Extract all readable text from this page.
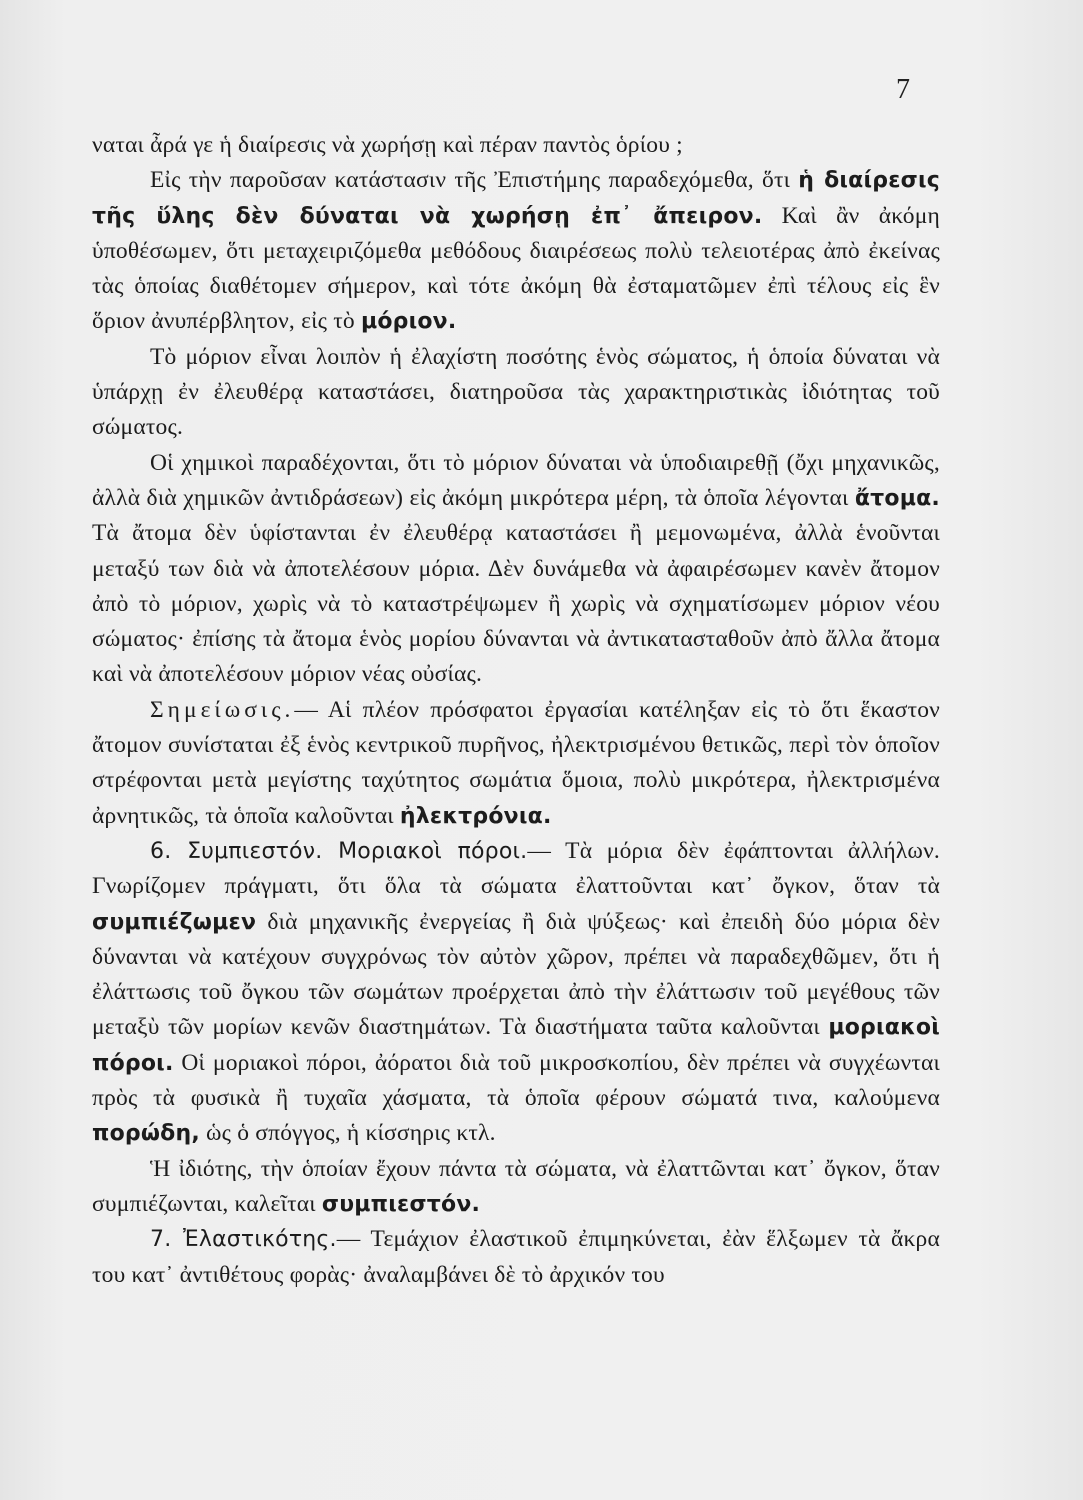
7

ναται ἆρά γε ἡ διαίρεσις νὰ χωρήσῃ καὶ πέραν παντὸς ὁρίου ;

Εἰς τὴν παροῦσαν κατάστασιν τῆς Ἐπιστήμης παραδεχόμεθα, ὅτι ἡ διαίρεσις τῆς ὕλης δὲν δύναται νὰ χωρήσῃ ἐπ᾽ ἄπειρον. Καὶ ἂν ἀκόμη ὑποθέσωμεν, ὅτι μεταχειριζόμεθα μεθόδους διαιρέσεως πολὺ τελειοτέρας ἀπὸ ἐκείνας τὰς ὁποίας διαθέτομεν σήμερον, καὶ τότε ἀκόμη θὰ ἐσταματῶμεν ἐπὶ τέλους εἰς ἓν ὅριον ἀνυπέρβλητον, εἰς τὸ μόριον.

Τὸ μόριον εἶναι λοιπὸν ἡ ἐλαχίστη ποσότης ἑνὸς σώματος, ἡ ὁποία δύναται νὰ ὑπάρχῃ ἐν ἐλευθέρᾳ καταστάσει, διατηροῦσα τὰς χαρακτηριστικὰς ἰδιότητας τοῦ σώματος.

Οἱ χημικοὶ παραδέχονται, ὅτι τὸ μόριον δύναται νὰ ὑποδιαιρεθῇ (ὄχι μηχανικῶς, ἀλλὰ διὰ χημικῶν ἀντιδράσεων) εἰς ἀκόμη μικρότερα μέρη, τὰ ὁποῖα λέγονται ἄτομα. Τὰ ἄτομα δὲν ὑφίστανται ἐν ἐλευθέρᾳ καταστάσει ἢ μεμονωμένα, ἀλλὰ ἑνοῦνται μεταξύ των διὰ νὰ ἀποτελέσουν μόρια. Δὲν δυνάμεθα νὰ ἀφαιρέσωμεν κανὲν ἄτομον ἀπὸ τὸ μόριον, χωρὶς νὰ τὸ καταστρέψωμεν ἢ χωρὶς νὰ σχηματίσωμεν μόριον νέου σώματος· ἐπίσης τὰ ἄτομα ἑνὸς μορίου δύνανται νὰ ἀντικατασταθοῦν ἀπὸ ἄλλα ἄτομα καὶ νὰ ἀποτελέσουν μόριον νέας οὐσίας.

Σημείωσις.— Αἱ πλέον πρόσφατοι ἐργασίαι κατέληξαν εἰς τὸ ὅτι ἕκαστον ἄτομον συνίσταται ἐξ ἑνὸς κεντρικοῦ πυρῆνος, ἠλεκτρισμένου θετικῶς, περὶ τὸν ὁποῖον στρέφονται μετὰ μεγίστης ταχύτητος σωμάτια ὅμοια, πολὺ μικρότερα, ἠλεκτρισμένα ἀρνητικῶς, τὰ ὁποῖα καλοῦνται ἠλεκτρόνια.

6. Συμπιεστόν. Μοριακοὶ πόροι.— Τὰ μόρια δὲν ἐφάπτονται ἀλλήλων. Γνωρίζομεν πράγματι, ὅτι ὅλα τὰ σώματα ἐλαττοῦνται κατ᾽ ὄγκον, ὅταν τὰ συμπιέζωμεν διὰ μηχανικῆς ἐνεργείας ἢ διὰ ψύξεως· καὶ ἐπειδὴ δύο μόρια δὲν δύνανται νὰ κατέχουν συγχρόνως τὸν αὐτὸν χῶρον, πρέπει νὰ παραδεχθῶμεν, ὅτι ἡ ἐλάττωσις τοῦ ὄγκου τῶν σωμάτων προέρχεται ἀπὸ τὴν ἐλάττωσιν τοῦ μεγέθους τῶν μεταξὺ τῶν μορίων κενῶν διαστημάτων. Τὰ διαστήματα ταῦτα καλοῦνται μοριακοὶ πόροι. Οἱ μοριακοὶ πόροι, ἀόρατοι διὰ τοῦ μικροσκοπίου, δὲν πρέπει νὰ συγχέωνται πρὸς τὰ φυσικὰ ἢ τυχαῖα χάσματα, τὰ ὁποῖα φέρουν σώματά τινα, καλούμενα πορώδη, ὡς ὁ σπόγγος, ἡ κίσσηρις κτλ.

Ἡ ἰδιότης, τὴν ὁποίαν ἔχουν πάντα τὰ σώματα, νὰ ἐλαττῶνται κατ᾽ ὄγκον, ὅταν συμπιέζωνται, καλεῖται συμπιεστόν.

7. Ἐλαστικότης.— Τεμάχιον ἐλαστικοῦ ἐπιμηκύνεται, ἐὰν ἕλξωμεν τὰ ἄκρα του κατ᾽ ἀντιθέτους φορὰς· ἀναλαμβάνει δὲ τὸ ἀρχικόν του
